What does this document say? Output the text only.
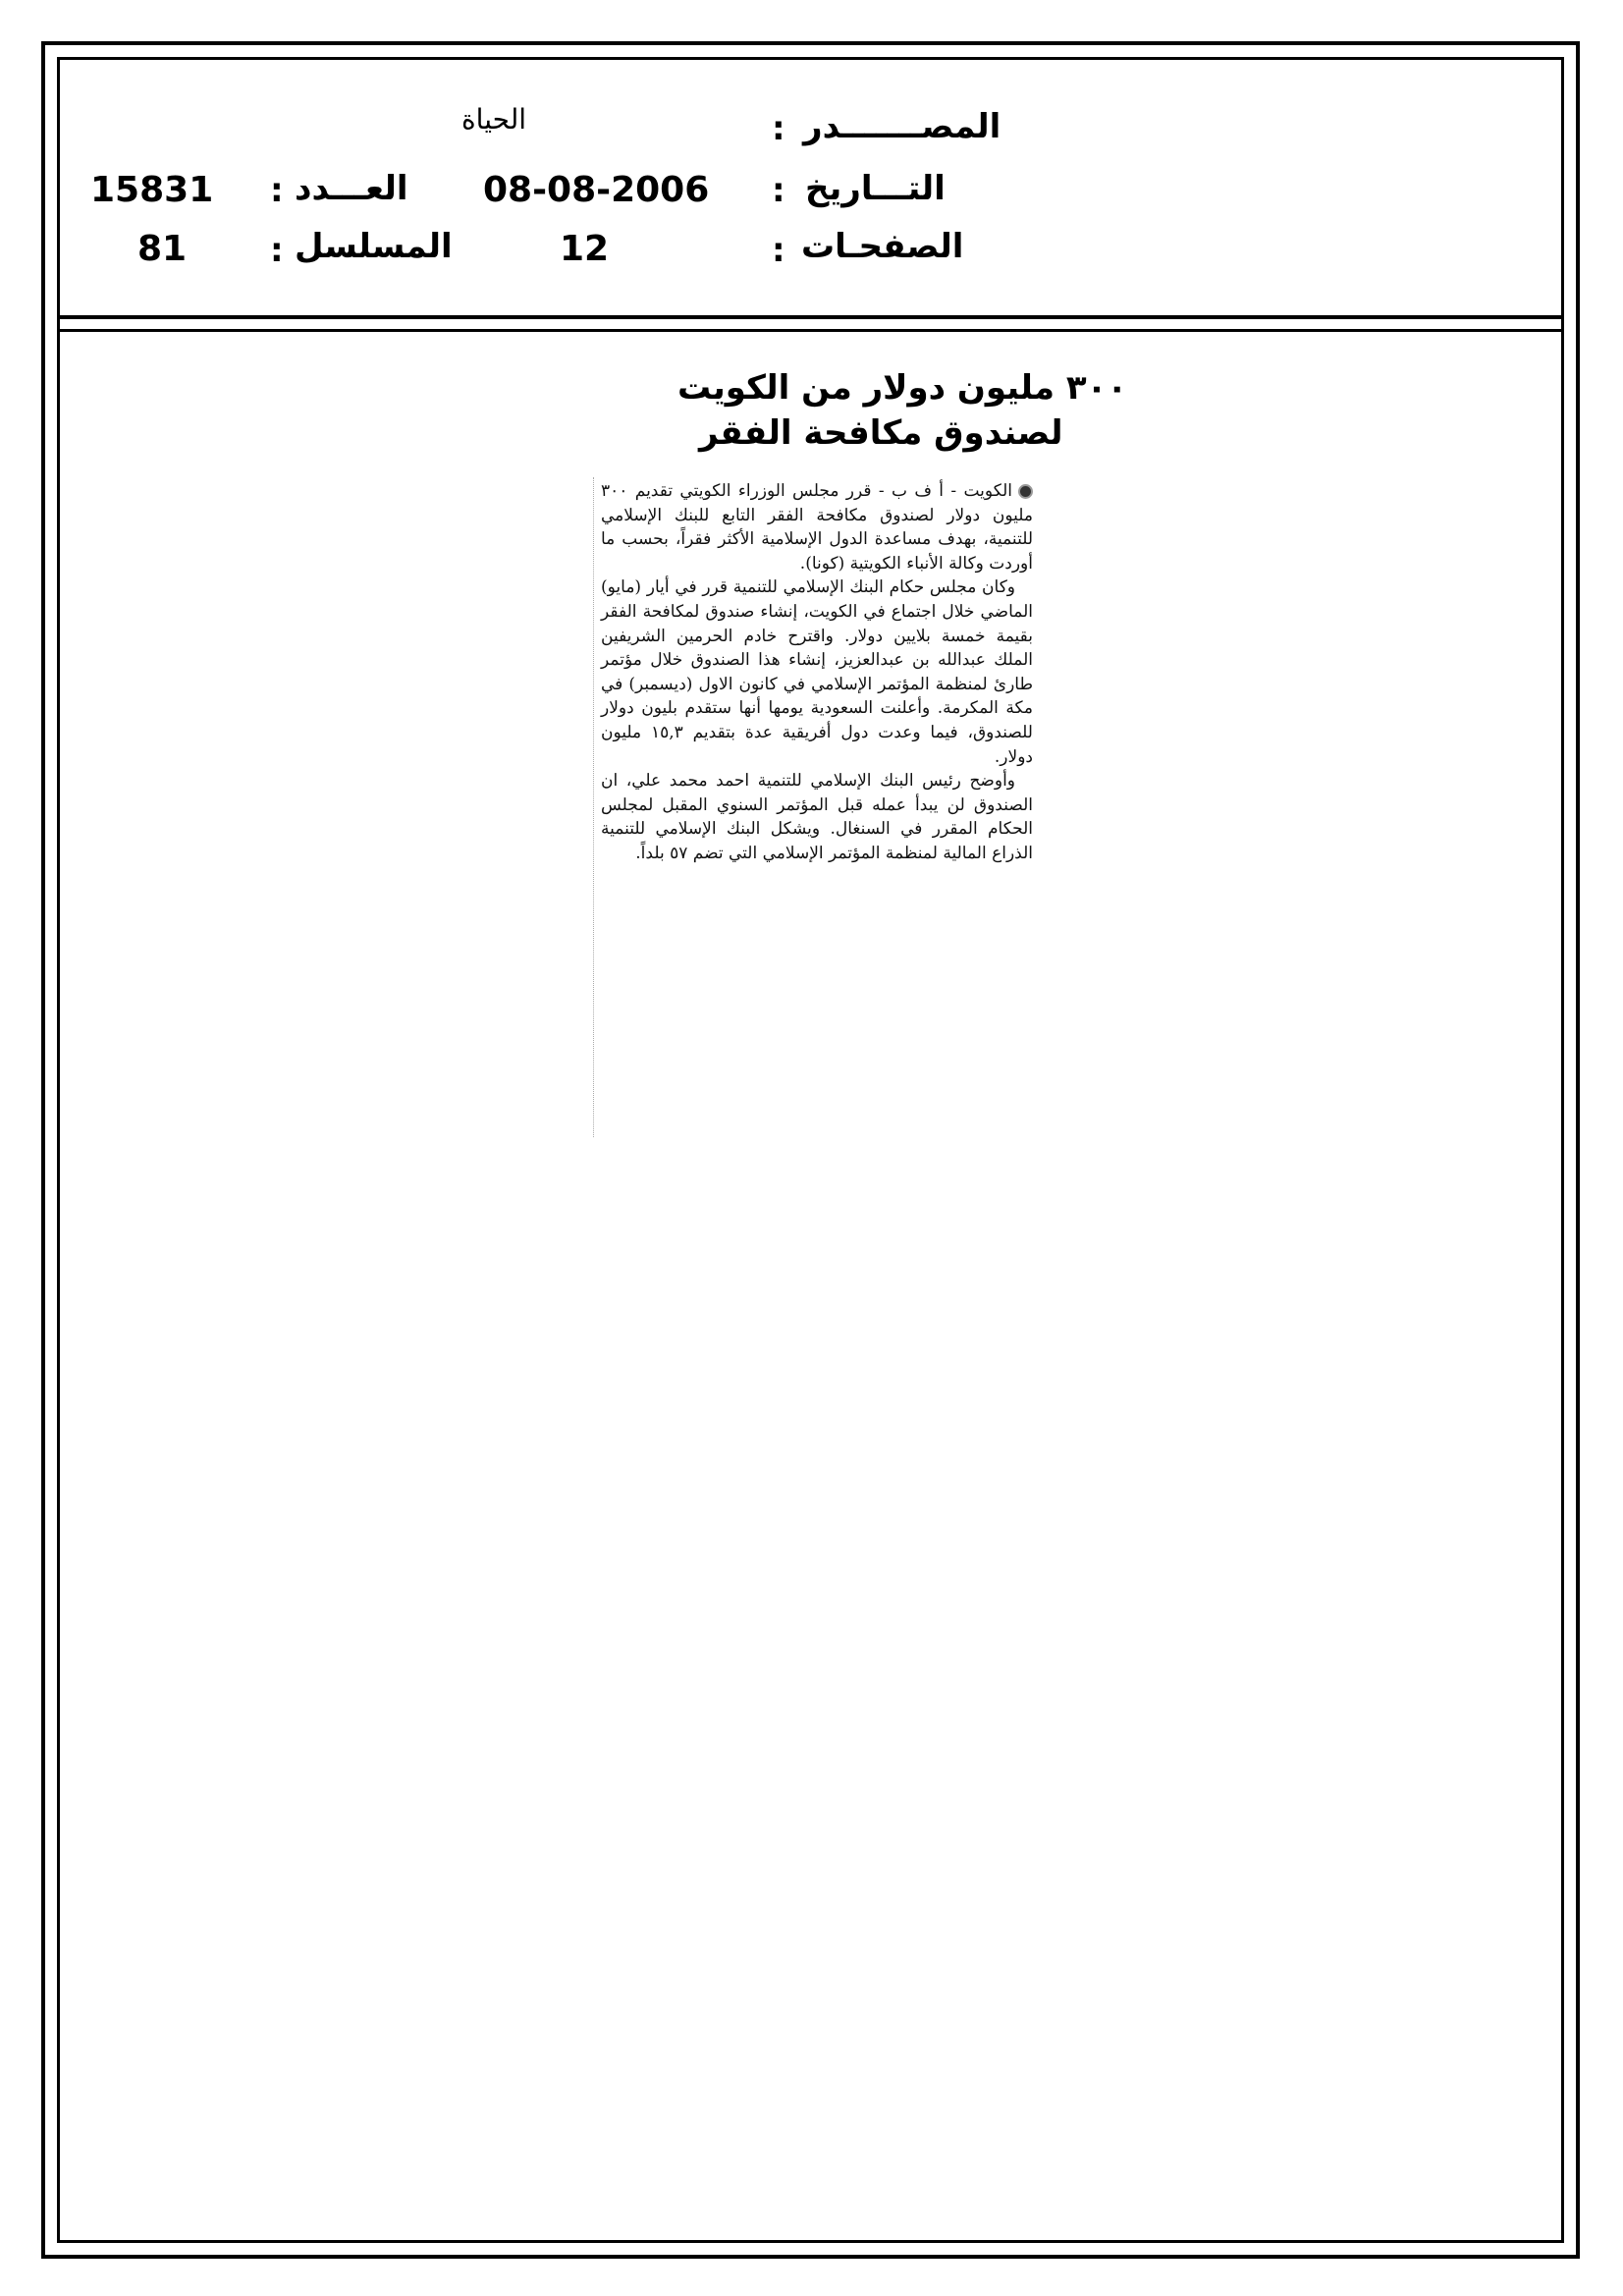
المصـــــــدر
:
الحياة
التـــاريخ
:
08-08-2006
العـــدد
:
15831
الصفحـات
:
12
المسلسل
:
81
٣٠٠ مليون دولار من الكويت
لصندوق مكافحة الفقر

الكويت - أ ف ب - قرر مجلس الوزراء الكويتي تقديم ٣٠٠ مليون دولار لصندوق مكافحة الفقر التابع للبنك الإسلامي للتنمية، بهدف مساعدة الدول الإسلامية الأكثر فقراً، بحسب ما أوردت وكالة الأنباء الكويتية (كونا).

وكان مجلس حكام البنك الإسلامي للتنمية قرر في أيار (مايو) الماضي خلال اجتماع في الكويت، إنشاء صندوق لمكافحة الفقر بقيمة خمسة بلايين دولار. واقترح خادم الحرمين الشريفين الملك عبدالله بن عبدالعزيز، إنشاء هذا الصندوق خلال مؤتمر طارئ لمنظمة المؤتمر الإسلامي في كانون الاول (ديسمبر) في مكة المكرمة. وأعلنت السعودية يومها أنها ستقدم بليون دولار للصندوق، فيما وعدت دول أفريقية عدة بتقديم ١٥,٣ مليون دولار.

وأوضح رئيس البنك الإسلامي للتنمية احمد محمد علي، ان الصندوق لن يبدأ عمله قبل المؤتمر السنوي المقبل لمجلس الحكام المقرر في السنغال. ويشكل البنك الإسلامي للتنمية الذراع المالية لمنظمة المؤتمر الإسلامي التي تضم ٥٧ بلداً.
